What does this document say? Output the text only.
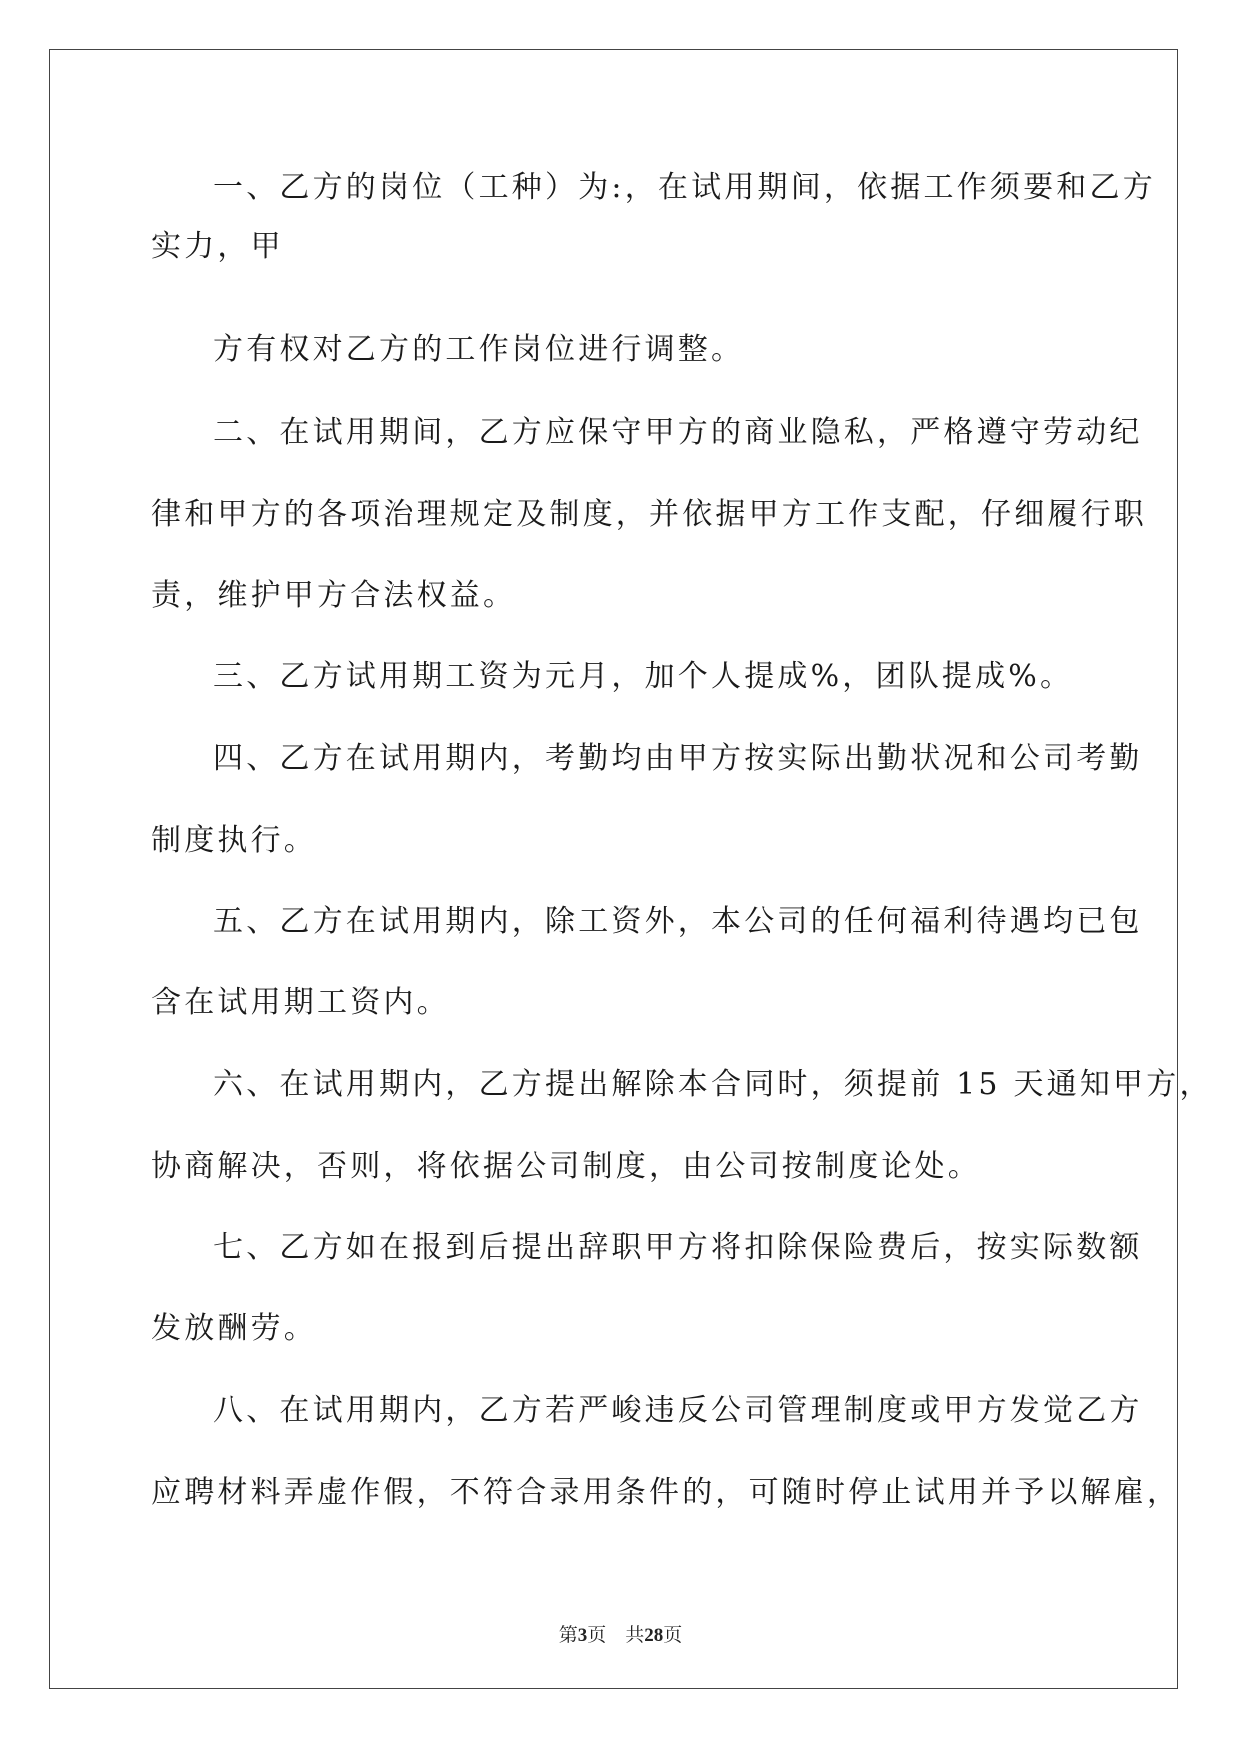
一、乙方的岗位（工种）为:，在试用期间，依据工作须要和乙方
实力，甲
方有权对乙方的工作岗位进行调整。
二、在试用期间，乙方应保守甲方的商业隐私，严格遵守劳动纪
律和甲方的各项治理规定及制度，并依据甲方工作支配，仔细履行职
责，维护甲方合法权益。
三、乙方试用期工资为元月，加个人提成%，团队提成%。
四、乙方在试用期内，考勤均由甲方按实际出勤状况和公司考勤
制度执行。
五、乙方在试用期内，除工资外，本公司的任何福利待遇均已包
含在试用期工资内。
六、在试用期内，乙方提出解除本合同时，须提前 15 天通知甲方，
协商解决，否则，将依据公司制度，由公司按制度论处。
七、乙方如在报到后提出辞职甲方将扣除保险费后，按实际数额
发放酬劳。
八、在试用期内，乙方若严峻违反公司管理制度或甲方发觉乙方
应聘材料弄虚作假，不符合录用条件的，可随时停止试用并予以解雇，
第3页    共28页
